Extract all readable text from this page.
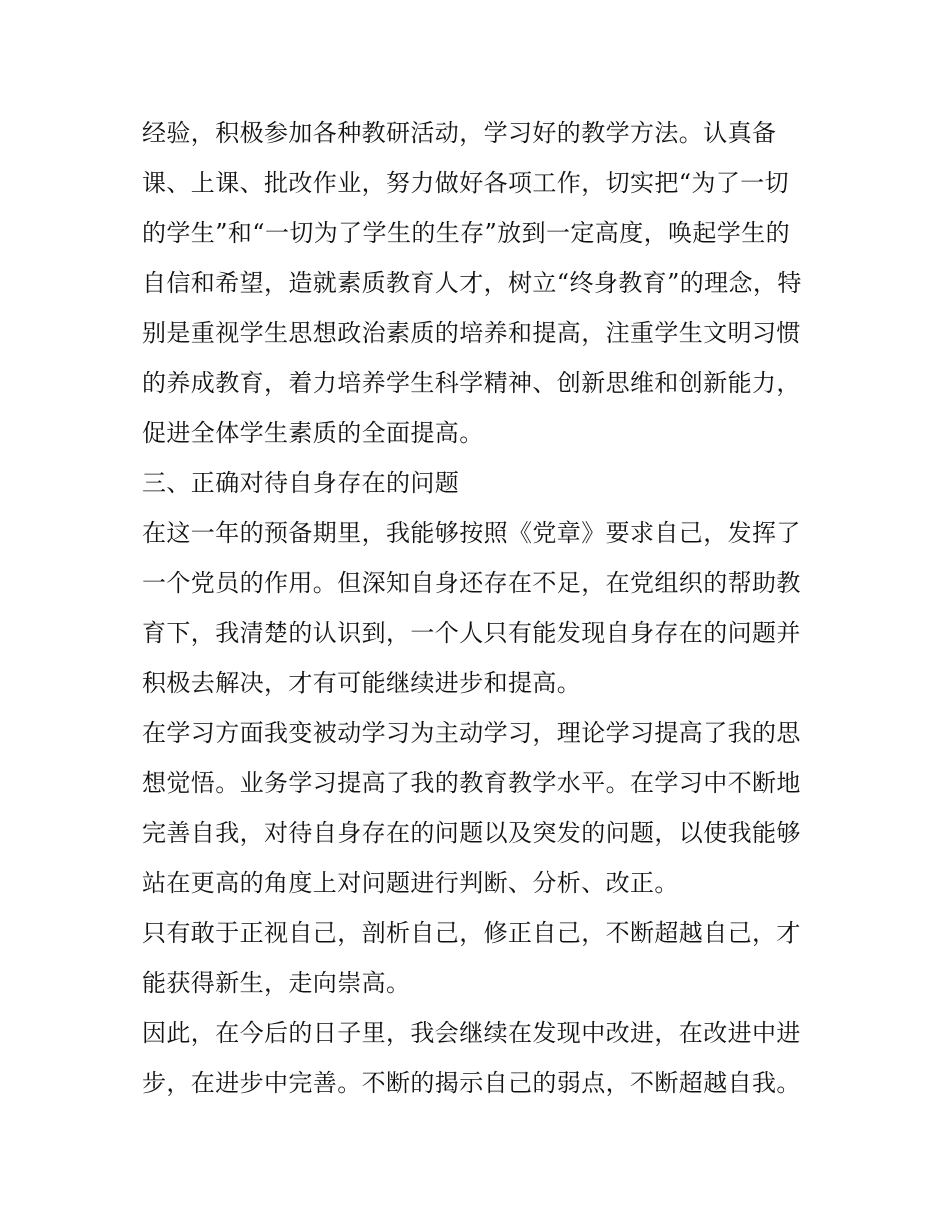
经验，积极参加各种教研活动，学习好的教学方法。认真备

课、上课、批改作业，努力做好各项工作，切实把“为了一切

的学生”和“一切为了学生的生存”放到一定高度，唤起学生的

自信和希望，造就素质教育人才，树立“终身教育”的理念，特

别是重视学生思想政治素质的培养和提高，注重学生文明习惯

的养成教育，着力培养学生科学精神、创新思维和创新能力，

促进全体学生素质的全面提高。

三、正确对待自身存在的问题

在这一年的预备期里，我能够按照《党章》要求自己，发挥了

一个党员的作用。但深知自身还存在不足，在党组织的帮助教

育下，我清楚的认识到，一个人只有能发现自身存在的问题并

积极去解决，才有可能继续进步和提高。

在学习方面我变被动学习为主动学习，理论学习提高了我的思

想觉悟。业务学习提高了我的教育教学水平。在学习中不断地

完善自我，对待自身存在的问题以及突发的问题，以使我能够

站在更高的角度上对问题进行判断、分析、改正。

只有敢于正视自己，剖析自己，修正自己，不断超越自己，才

能获得新生，走向崇高。

因此，在今后的日子里，我会继续在发现中改进，在改进中进

步，在进步中完善。不断的揭示自己的弱点，不断超越自我。
